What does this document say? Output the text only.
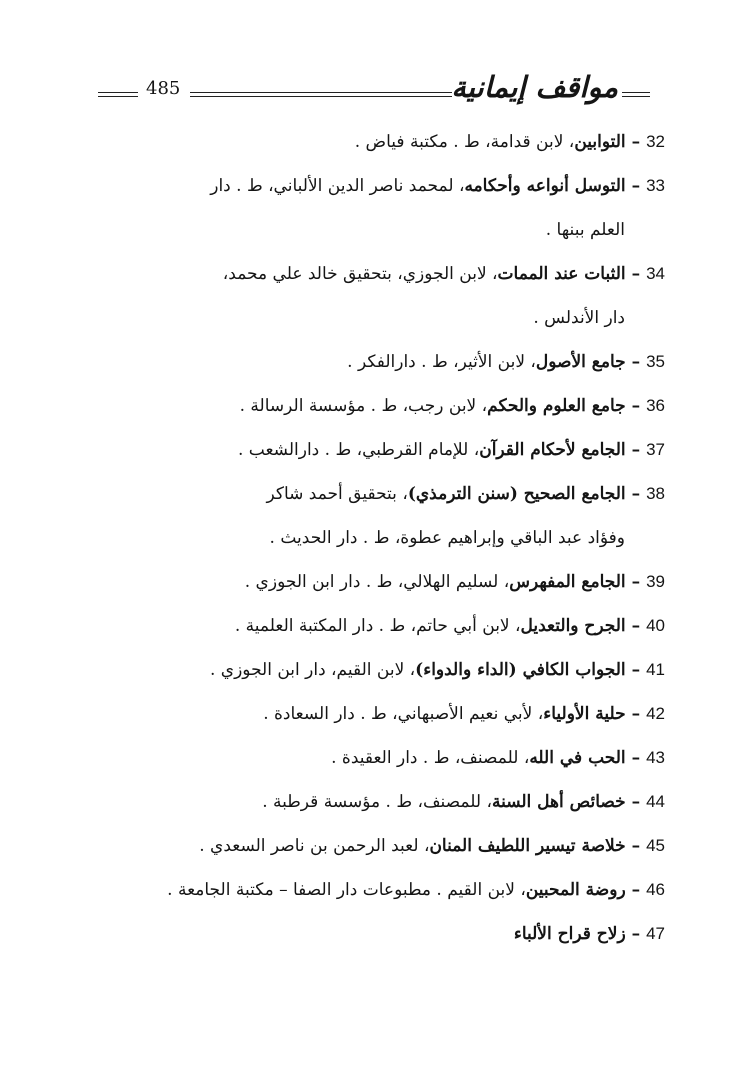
485	مواقف إيمانية
32– التوابين، لابن قدامة، ط . مكتبة فياض .
33– التوسل أنواعه وأحكامه، لمحمد ناصر الدين الألباني، ط . دار
العلم ببنها .
34– الثبات عند الممات، لابن الجوزي، بتحقيق خالد علي محمد،
دار الأندلس .
35– جامع الأصول، لابن الأثير، ط . دارالفكر .
36– جامع العلوم والحكم، لابن رجب، ط . مؤسسة الرسالة .
37– الجامع لأحكام القرآن، للإمام القرطبي، ط . دارالشعب .
38– الجامع الصحيح (سنن الترمذي)، بتحقيق أحمد شاكر
وفؤاد عبد الباقي وإبراهيم عطوة، ط . دار الحديث .
39– الجامع المفهرس، لسليم الهلالي، ط . دار ابن الجوزي .
40– الجرح والتعديل، لابن أبي حاتم، ط . دار المكتبة العلمية .
41– الجواب الكافي (الداء والدواء)، لابن القيم، دار ابن الجوزي .
42– حلية الأولياء، لأبي نعيم الأصبهاني، ط . دار السعادة .
43– الحب في الله، للمصنف، ط . دار العقيدة .
44– خصائص أهل السنة، للمصنف، ط . مؤسسة قرطبة .
45– خلاصة تيسير اللطيف المنان، لعبد الرحمن بن ناصر السعدي .
46– روضة المحبين، لابن القيم . مطبوعات دار الصفا – مكتبة الجامعة .
47– زلاح قراح الألباء
